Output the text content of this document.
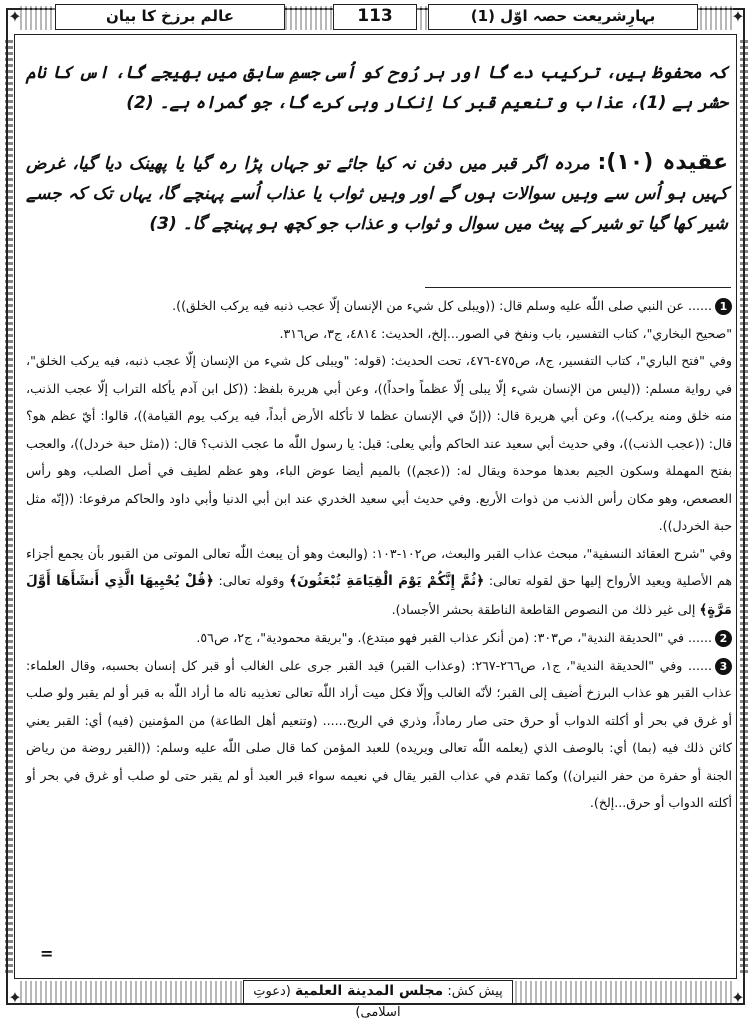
✦	✦
✦	✦
بہارِشریعت حصہ اوّل (1)
113
عالم برزخ کا بیان
کہ محفوظ ہیں، ترکیب دے گا اور ہر رُوح کو اُسی جسمِ سابق میں بھیجے گا، اس کا نام حشر ہے (1)، عذاب و تنعیم قبر کا اِنکار وہی کرے گا، جو گمراہ ہے۔ (2)
عقیدہ (۱۰): مردہ اگر قبر میں دفن نہ کیا جائے تو جہاں پڑا رہ گیا یا پھینک دیا گیا، غرض کہیں ہو اُس سے وہیں سوالات ہوں گے اور وہیں ثواب یا عذاب اُسے پہنچے گا، یہاں تک کہ جسے شیر کھا گیا تو شیر کے پیٹ میں سوال و ثواب و عذاب جو کچھ ہو پہنچے گا۔ (3)

1...... عن النبي صلى اللّٰه عليه وسلم قال: ((ويبلى كل شيء من الإنسان إلّا عجب ذنبه فيه يركب الخلق)).

"صحيح البخاري"، كتاب التفسير، باب ونفخ في الصور...إلخ، الحديث: ٤٨١٤، ج٣، ص٣١٦.

وفي "فتح الباري"، كتاب التفسير، ج٨، ص٤٧٥-٤٧٦، تحت الحديث: (قوله: "ويبلى كل شيء من الإنسان إلّا عجب ذنبه، فيه يركب الخلق"، في رواية مسلم: ((ليس من الإنسان شيء إلّا يبلى إلّا عظماً واحداً))، وعن أبي هريرة بلفظ: ((كل ابن آدم يأكله التراب إلّا عجب الذنب، منه خلق ومنه يركب))، وعن أبي هريرة قال: ((إنّ في الإنسان عظما لا تأكله الأرض أبداً، فيه يركب يوم القيامة))، قالوا: أيّ عظم هو؟ قال: ((عجب الذنب))، وفي حديث أبي سعيد عند الحاكم وأبي يعلى: قيل: يا رسول اللّٰه ما عجب الذنب؟ قال: ((مثل حبة خردل))، والعجب بفتح المهملة وسكون الجيم بعدها موحدة ويقال له: ((عجم)) بالميم أيضا عوض الباء، وهو عظم لطيف في أصل الصلب، وهو رأس العصعص، وهو مكان رأس الذنب من ذوات الأربع. وفي حديث أبي سعيد الخدري عند ابن أبي الدنيا وأبي داود والحاكم مرفوعا: ((إنّه مثل حبة الخردل)).

وفي "شرح العقائد النسفية"، مبحث عذاب القبر والبعث، ص١٠٢-١٠٣: (والبعث وهو أن يبعث اللّٰه تعالى الموتى من القبور بأن يجمع أجزاء هم الأصلية ويعيد الأرواح إليها حق لقوله تعالى: ﴿ثُمَّ إِنَّكُمْ يَوْمَ الْقِيَامَةِ تُبْعَثُونَ﴾ وقوله تعالى: ﴿قُلْ يُحْيِيهَا الَّذِي أَنشَأَهَا أَوَّلَ مَرَّةٍ﴾ إلى غير ذلك من النصوص القاطعة الناطقة بحشر الأجساد).

2...... في "الحديقة الندية"، ص٣٠٣: (من أنكر عذاب القبر فهو مبتدع). و"بريقة محمودية"، ج٢، ص٥٦.

3...... وفي "الحديقة الندية"، ج١، ص٢٦٦-٢٦٧: (وعذاب القبر) قيد القبر جرى على الغالب أو قبر كل إنسان بحسبه، وقال العلماء: عذاب القبر هو عذاب البرزخ أضيف إلى القبر؛ لأنّه الغالب وإلّا فكل ميت أراد اللّٰه تعالى تعذيبه ناله ما أراد اللّٰه به قبر أو لم يقبر ولو صلب أو غرق في بحر أو أكلته الدواب أو حرق حتى صار رماداً، وذري في الريح...... (وتنعيم أهل الطاعة) من المؤمنين (فيه) أي: القبر يعني كائن ذلك فيه (بما) أي: بالوصف الذي (يعلمه اللّٰه تعالى ويريده) للعبد المؤمن كما قال صلى اللّٰه عليه وسلم: ((القبر روضة من رياض الجنة أو حفرة من حفر النيران)) وكما تقدم في عذاب القبر يقال في نعيمه سواء قبر العبد أو لم يقبر حتى لو صلب أو غرق في بحر أو أكلته الدواب أو حرق...إلخ).

=
پیش کش: مجلس المدينة العلمية (دعوتِ اسلامی)
